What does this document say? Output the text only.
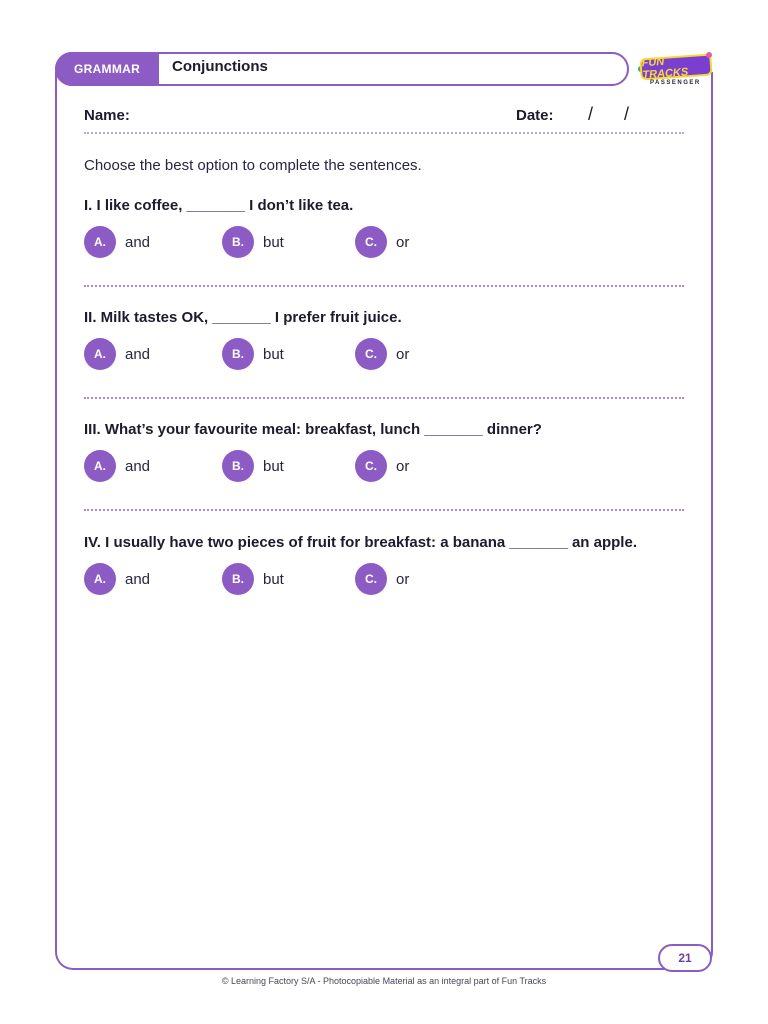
GRAMMAR	Conjunctions	FUN TRACKS
PASSENGER
Name:	Date: / /
Choose the best option to complete the sentences.
I. I like coffee, _______ I don’t like tea.
A.	and	B.	but	C.	or
II. Milk tastes OK, _______ I prefer fruit juice.
A.	and	B.	but	C.	or
III. What’s your favourite meal: breakfast, lunch _______ dinner?
A.	and	B.	but	C.	or
IV. I usually have two pieces of fruit for breakfast: a banana _______ an apple.
A.	and	B.	but	C.	or
21
© Learning Factory S/A - Photocopiable Material as an integral part of Fun Tracks
